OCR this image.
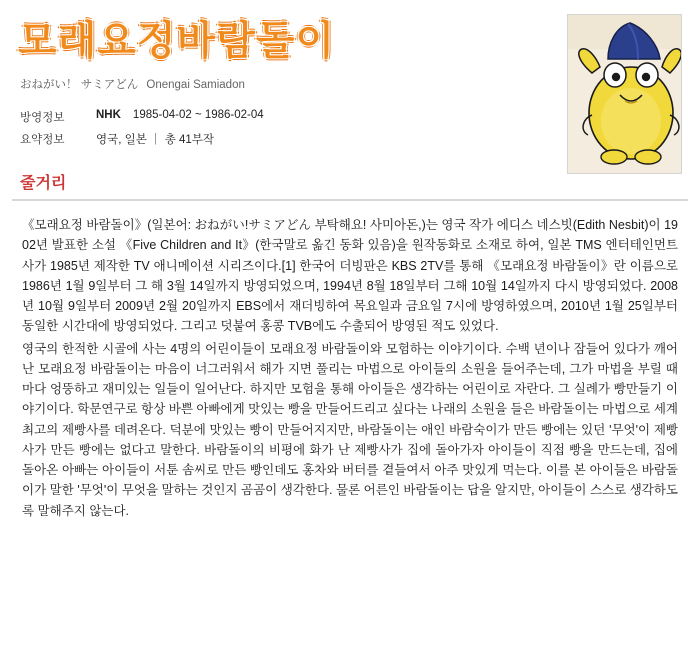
모래요정바람돌이
おねがい！ サミアどん Onengai Samiadon
방영정보	NHK 1985-04-02 ~ 1986-02-04
요약정보	영국, 일본 ｜ 총 41부작
줄거리

《모래요정 바람돌이》(일본어: おねがい!サミアどん 부탁해요! 사미아돈,)는 영국 작가 에디스 네스빗(Edith Nesbit)이 1902년 발표한 소설 《Five Children and It》(한국말로 옮긴 동화 있음)을 원작동화로 소재로 하여, 일본 TMS 엔터테인먼트사가 1985년 제작한 TV 애니메이션 시리즈이다.[1] 한국어 더빙판은 KBS 2TV를 통해 《모래요정 바람돌이》란 이름으로 1986년 1월 9일부터 그 해 3월 14일까지 방영되었으며, 1994년 8월 18일부터 그해 10월 14일까지 다시 방영되었다. 2008년 10월 9일부터 2009년 2월 20일까지 EBS에서 재더빙하여 목요일과 금요일 7시에 방영하였으며, 2010년 1월 25일부터 동일한 시간대에 방영되었다. 그리고 덧붙여 홍콩 TVB에도 수출되어 방영된 적도 있었다.

영국의 한적한 시골에 사는 4명의 어린이들이 모래요정 바람돌이와 모험하는 이야기이다. 수백 년이나 잠들어 있다가 깨어난 모래요정 바람돌이는 마음이 너그러워서 해가 지면 풀리는 마법으로 아이들의 소원을 들어주는데, 그가 마법을 부릴 때마다 엉뚱하고 재미있는 일들이 일어난다. 하지만 모험을 통해 아이들은 생각하는 어린이로 자란다. 그 실례가 빵만들기 이야기이다. 학문연구로 항상 바쁜 아빠에게 맛있는 빵을 만들어드리고 싶다는 나래의 소원을 들은 바람돌이는 마법으로 세계 최고의 제빵사를 데려온다. 덕분에 맛있는 빵이 만들어지지만, 바람돌이는 애인 바람숙이가 만든 빵에는 있던 '무엇'이 제빵사가 만든 빵에는 없다고 말한다. 바람돌이의 비평에 화가 난 제빵사가 집에 돌아가자 아이들이 직접 빵을 만드는데, 집에 돌아온 아빠는 아이들이 서툰 솜씨로 만든 빵인데도 홍차와 버터를 곁들여서 아주 맛있게 먹는다. 이를 본 아이들은 바람돌이가 말한 '무엇'이 무엇을 말하는 것인지 곰곰이 생각한다. 물론 어른인 바람돌이는 답을 알지만, 아이들이 스스로 생각하도록 말해주지 않는다.
